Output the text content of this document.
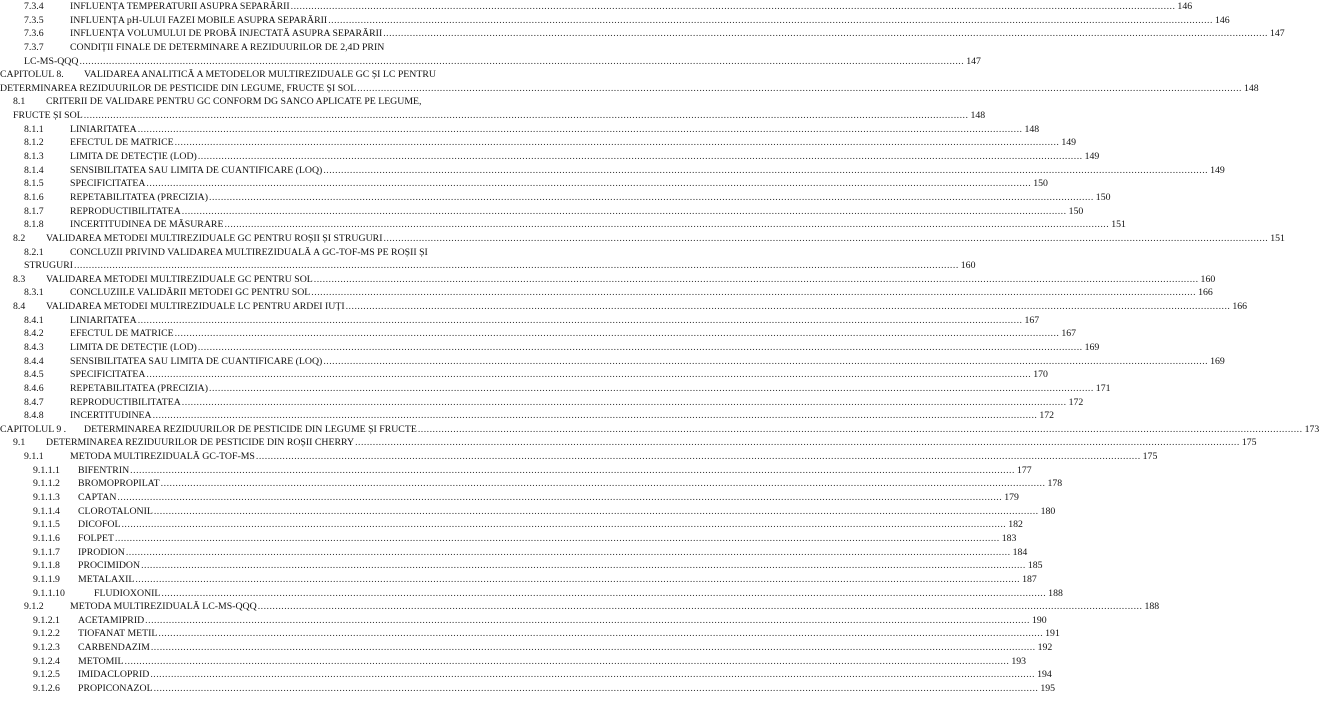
7.3.4	INFLUENȚA TEMPERATURII ASUPRA SEPARĂRII ............................................................................................................................................................................................................................................................................................................ 146
7.3.5	INFLUENȚA pH-ULUI FAZEI MOBILE ASUPRA SEPARĂRII ............................................................................................................................................................................................................................................................................................................ 146
7.3.6	INFLUENȚA VOLUMULUI DE PROBĂ INJECTATĂ ASUPRA SEPARĂRII ............................................................................................................................................................................................................................................................................................................ 147
7.3.7	CONDIȚII FINALE DE DETERMINARE A REZIDUURILOR DE 2,4D PRIN
LC-MS-QQQ ............................................................................................................................................................................................................................................................................................................ 147
CAPITOLUL 8. VALIDAREA ANALITICĂ A METODELOR MULTIREZIDUALE GC ȘI LC PENTRU
DETERMINAREA REZIDUURILOR DE PESTICIDE DIN LEGUME, FRUCTE ȘI SOL ............................................................................................................................................................................................................................................................................................................ 148
8.1 CRITERII DE VALIDARE PENTRU GC CONFORM DG SANCO APLICATE PE LEGUME,
FRUCTE ȘI SOL ............................................................................................................................................................................................................................................................................................................ 148
8.1.1	LINIARITATEA ............................................................................................................................................................................................................................................................................................................ 148
8.1.2	EFECTUL DE MATRICE ............................................................................................................................................................................................................................................................................................................ 149
8.1.3	LIMITA DE DETECȚIE (LOD) ............................................................................................................................................................................................................................................................................................................ 149
8.1.4	SENSIBILITATEA SAU LIMITA DE CUANTIFICARE (LOQ) ............................................................................................................................................................................................................................................................................................................ 149
8.1.5	SPECIFICITATEA ............................................................................................................................................................................................................................................................................................................ 150
8.1.6	REPETABILITATEA (PRECIZIA) ............................................................................................................................................................................................................................................................................................................ 150
8.1.7	REPRODUCTIBILITATEA ............................................................................................................................................................................................................................................................................................................ 150
8.1.8	INCERTITUDINEA DE MĂSURARE ............................................................................................................................................................................................................................................................................................................ 151
8.2 VALIDAREA METODEI MULTIREZIDUALE GC PENTRU ROȘII ȘI STRUGURI ............................................................................................................................................................................................................................................................................................................ 151
8.2.1	CONCLUZII PRIVIND VALIDAREA MULTIREZIDUALĂ A GC-TOF-MS PE ROȘII ȘI
STRUGURI ............................................................................................................................................................................................................................................................................................................ 160
8.3 VALIDAREA METODEI MULTIREZIDUALE GC PENTRU SOL ............................................................................................................................................................................................................................................................................................................ 160
8.3.1	CONCLUZIILE VALIDĂRII METODEI GC PENTRU SOL ............................................................................................................................................................................................................................................................................................................ 166
8.4 VALIDAREA METODEI MULTIREZIDUALE LC PENTRU ARDEI IUȚI ............................................................................................................................................................................................................................................................................................................ 166
8.4.1	LINIARITATEA ............................................................................................................................................................................................................................................................................................................ 167
8.4.2	EFECTUL DE MATRICE ............................................................................................................................................................................................................................................................................................................ 167
8.4.3	LIMITA DE DETECȚIE (LOD) ............................................................................................................................................................................................................................................................................................................ 169
8.4.4	SENSIBILITATEA SAU LIMITA DE CUANTIFICARE (LOQ) ............................................................................................................................................................................................................................................................................................................ 169
8.4.5	SPECIFICITATEA ............................................................................................................................................................................................................................................................................................................ 170
8.4.6	REPETABILITATEA (PRECIZIA) ............................................................................................................................................................................................................................................................................................................ 171
8.4.7	REPRODUCTIBILITATEA ............................................................................................................................................................................................................................................................................................................ 172
8.4.8	INCERTITUDINEA ............................................................................................................................................................................................................................................................................................................ 172
CAPITOLUL 9 . DETERMINAREA REZIDUURILOR DE PESTICIDE DIN LEGUME ȘI FRUCTE ............................................................................................................................................................................................................................................................................................................ 173
9.1 DETERMINAREA REZIDUURILOR DE PESTICIDE DIN ROȘII CHERRY ............................................................................................................................................................................................................................................................................................................ 175
9.1.1	METODA MULTIREZIDUALĂ GC-TOF-MS ............................................................................................................................................................................................................................................................................................................ 175
9.1.1.1 BIFENTRIN ............................................................................................................................................................................................................................................................................................................ 177
9.1.1.2 BROMOPROPILAT ............................................................................................................................................................................................................................................................................................................ 178
9.1.1.3 CAPTAN ............................................................................................................................................................................................................................................................................................................ 179
9.1.1.4 CLOROTALONIL ............................................................................................................................................................................................................................................................................................................ 180
9.1.1.5 DICOFOL ............................................................................................................................................................................................................................................................................................................ 182
9.1.1.6 FOLPET ............................................................................................................................................................................................................................................................................................................ 183
9.1.1.7 IPRODION ............................................................................................................................................................................................................................................................................................................ 184
9.1.1.8 PROCIMIDON ............................................................................................................................................................................................................................................................................................................ 185
9.1.1.9 METALAXIL ............................................................................................................................................................................................................................................................................................................ 187
9.1.1.10	FLUDIOXONIL ............................................................................................................................................................................................................................................................................................................ 188
9.1.2	METODA MULTIREZIDUALĂ LC-MS-QQQ ............................................................................................................................................................................................................................................................................................................ 188
9.1.2.1 ACETAMIPRID ............................................................................................................................................................................................................................................................................................................ 190
9.1.2.2 TIOFANAT METIL ............................................................................................................................................................................................................................................................................................................ 191
9.1.2.3 CARBENDAZIM ............................................................................................................................................................................................................................................................................................................ 192
9.1.2.4 METOMIL ............................................................................................................................................................................................................................................................................................................ 193
9.1.2.5 IMIDACLOPRID ............................................................................................................................................................................................................................................................................................................ 194
9.1.2.6 PROPICONAZOL ............................................................................................................................................................................................................................................................................................................ 195
